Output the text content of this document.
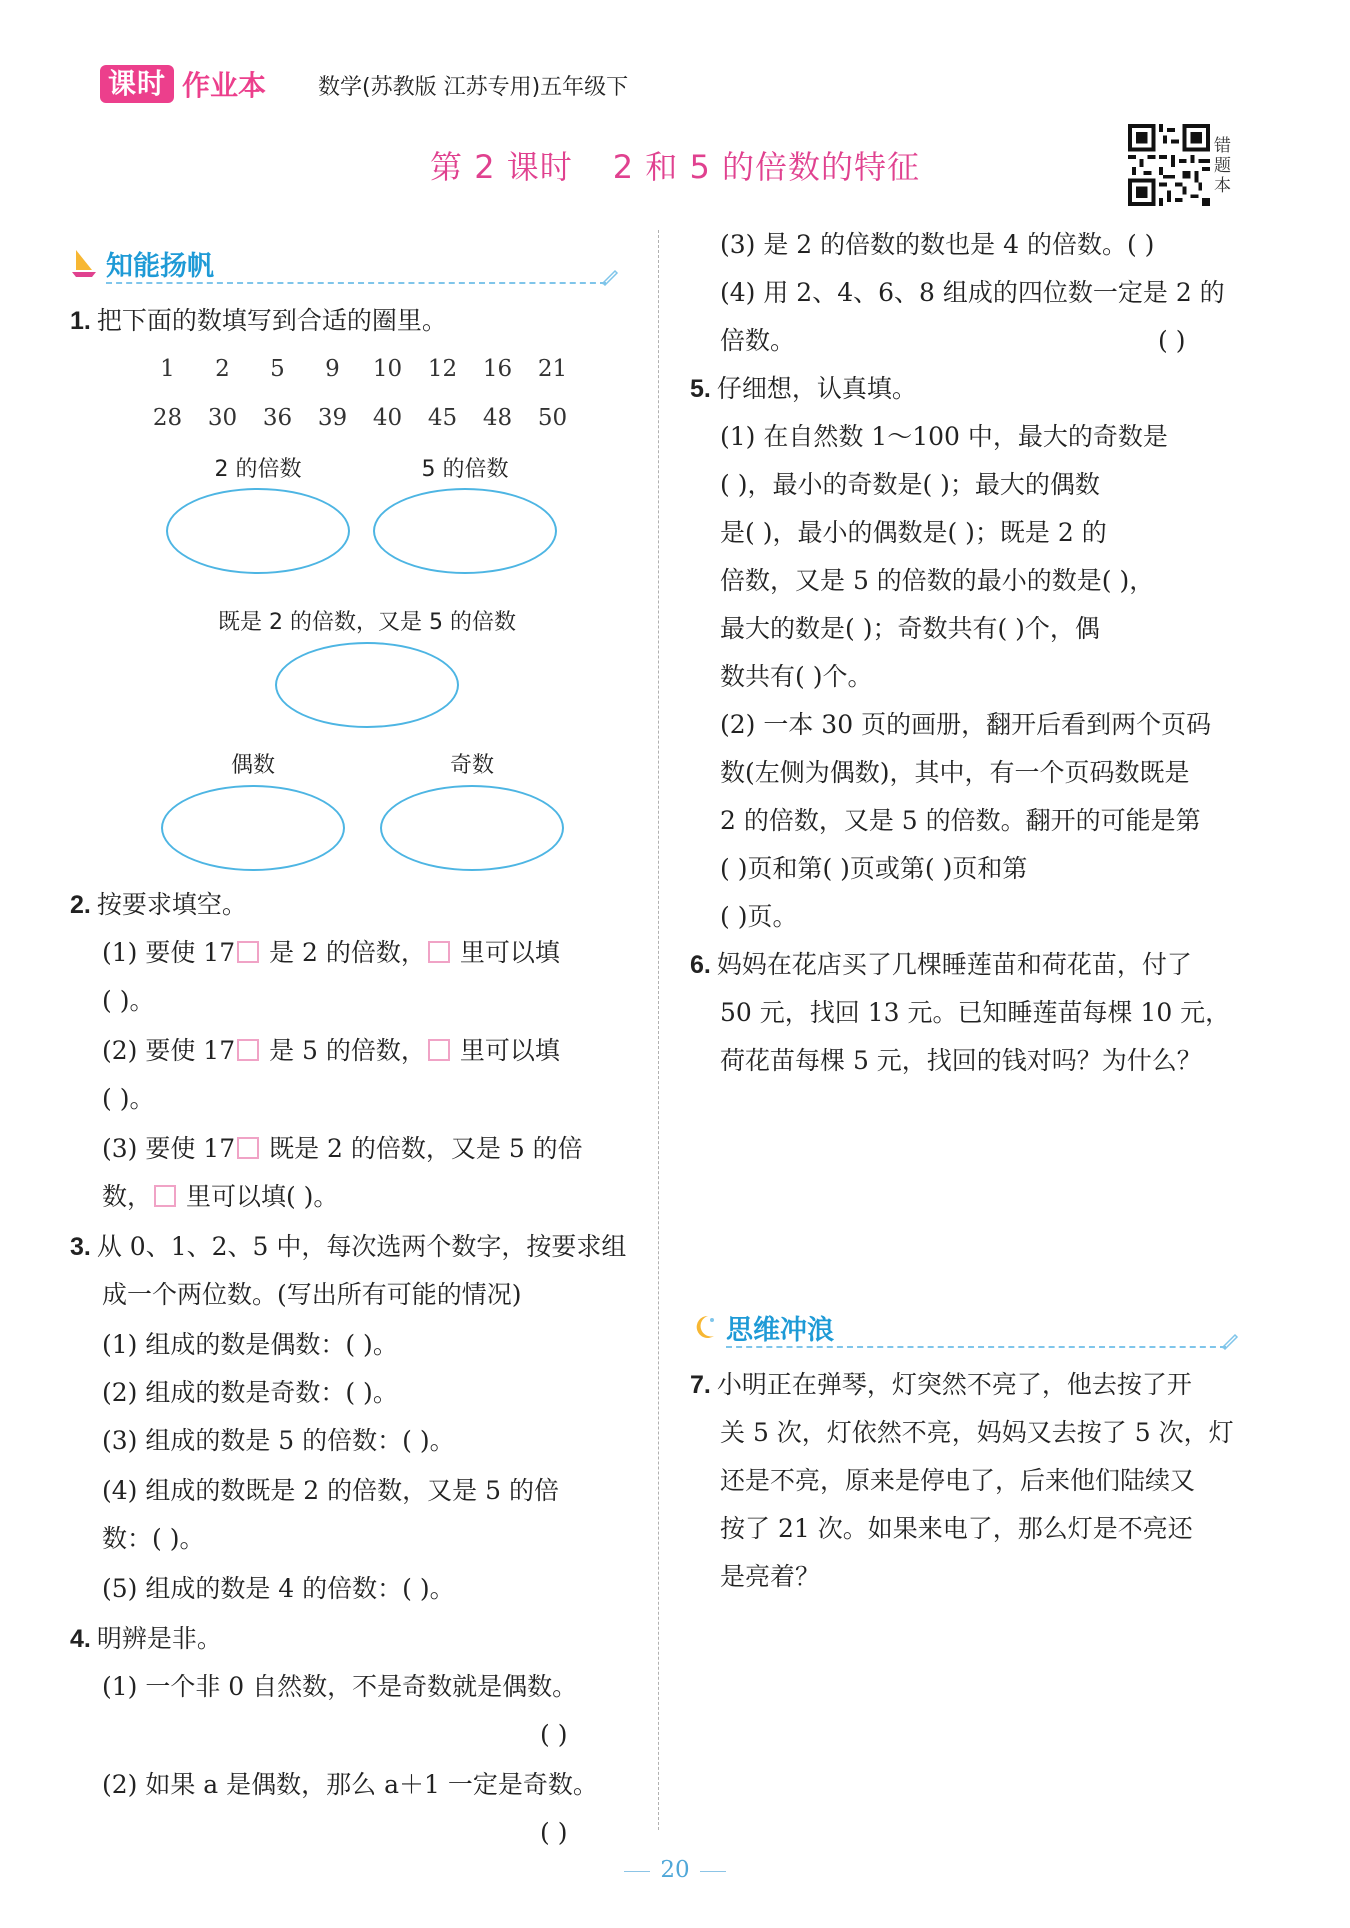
课时 作业本 数学(苏教版 江苏专用)五年级下
第 2 课时 2 和 5 的倍数的特征
错题本
知能扬帆
1. 把下面的数填写到合适的圈里。
1	2	5	9	10	12	16	21
28	30	36	39	40	45	48	50
2 的倍数	5 的倍数
既是 2 的倍数，又是 5 的倍数
偶数	奇数
2. 按要求填空。
(1) 要使 17 是 2 的倍数， 里可以填
( )。
(2) 要使 17 是 5 的倍数， 里可以填
( )。
(3) 要使 17 既是 2 的倍数，又是 5 的倍
数， 里可以填( )。
3. 从 0、1、2、5 中，每次选两个数字，按要求组
成一个两位数。(写出所有可能的情况)
(1) 组成的数是偶数：( )。
(2) 组成的数是奇数：( )。
(3) 组成的数是 5 的倍数：( )。
(4) 组成的数既是 2 的倍数，又是 5 的倍
数：( )。
(5) 组成的数是 4 的倍数：( )。
4. 明辨是非。
(1) 一个非 0 自然数，不是奇数就是偶数。
( )
(2) 如果 a 是偶数，那么 a＋1 一定是奇数。
( )
(3) 是 2 的倍数的数也是 4 的倍数。( )
(4) 用 2、4、6、8 组成的四位数一定是 2 的
倍数。	( )
5. 仔细想，认真填。
(1) 在自然数 1～100 中，最大的奇数是
( )，最小的奇数是( )；最大的偶数
是( )，最小的偶数是( )；既是 2 的
倍数，又是 5 的倍数的最小的数是( )，
最大的数是( )；奇数共有( )个，偶
数共有( )个。
(2) 一本 30 页的画册，翻开后看到两个页码
数(左侧为偶数)，其中，有一个页码数既是
2 的倍数，又是 5 的倍数。翻开的可能是第
( )页和第( )页或第( )页和第
( )页。
6. 妈妈在花店买了几棵睡莲苗和荷花苗，付了
50 元，找回 13 元。已知睡莲苗每棵 10 元，
荷花苗每棵 5 元，找回的钱对吗？为什么？
思维冲浪
7. 小明正在弹琴，灯突然不亮了，他去按了开
关 5 次，灯依然不亮，妈妈又去按了 5 次，灯
还是不亮，原来是停电了，后来他们陆续又
按了 21 次。如果来电了，那么灯是不亮还
是亮着？
20
